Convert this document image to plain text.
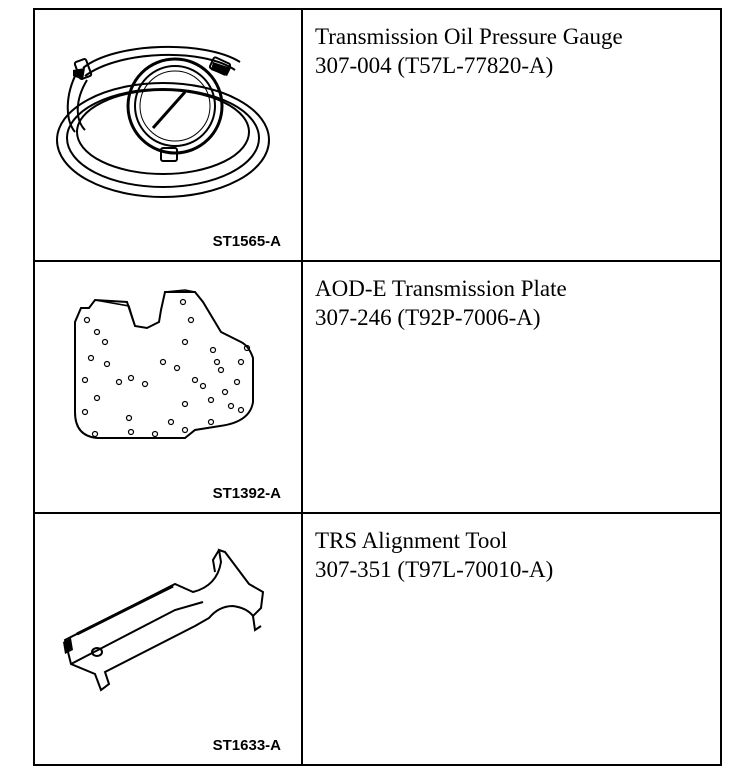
ST1565-A	Transmission Oil Pressure Gauge
307-004 (T57L-77820-A)

ST1392-A	AOD-E Transmission Plate
307-246 (T92P-7006-A)

ST1633-A	TRS Alignment Tool
307-351 (T97L-70010-A)
